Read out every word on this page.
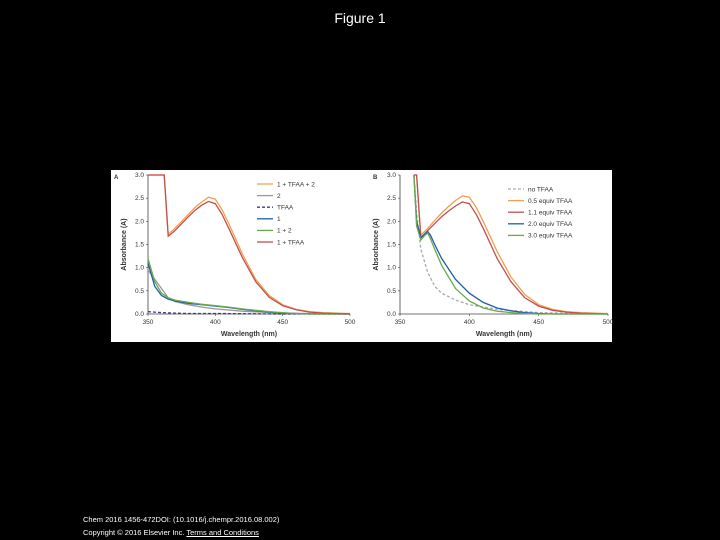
Figure 1
A
0.0
0.5
1.0
1.5
2.0
2.5
3.0
350	400	450	500
Wavelength (nm)
Absorbance (A)
1 + TFAA + 2
2
TFAA
1
1 + 2
1 + TFAA
B
0.0
0.5
1.0
1.5
2.0
2.5
3.0
350	400	450	500
Wavelength (nm)
Absorbance (A)
no TFAA
0.5 equiv TFAA
1.1 equiv TFAA
2.0 equiv TFAA
3.0 equiv TFAA
Chem 2016 1456-472DOI: (10.1016/j.chempr.2016.08.002)
Copyright © 2016 Elsevier Inc. Terms and Conditions
